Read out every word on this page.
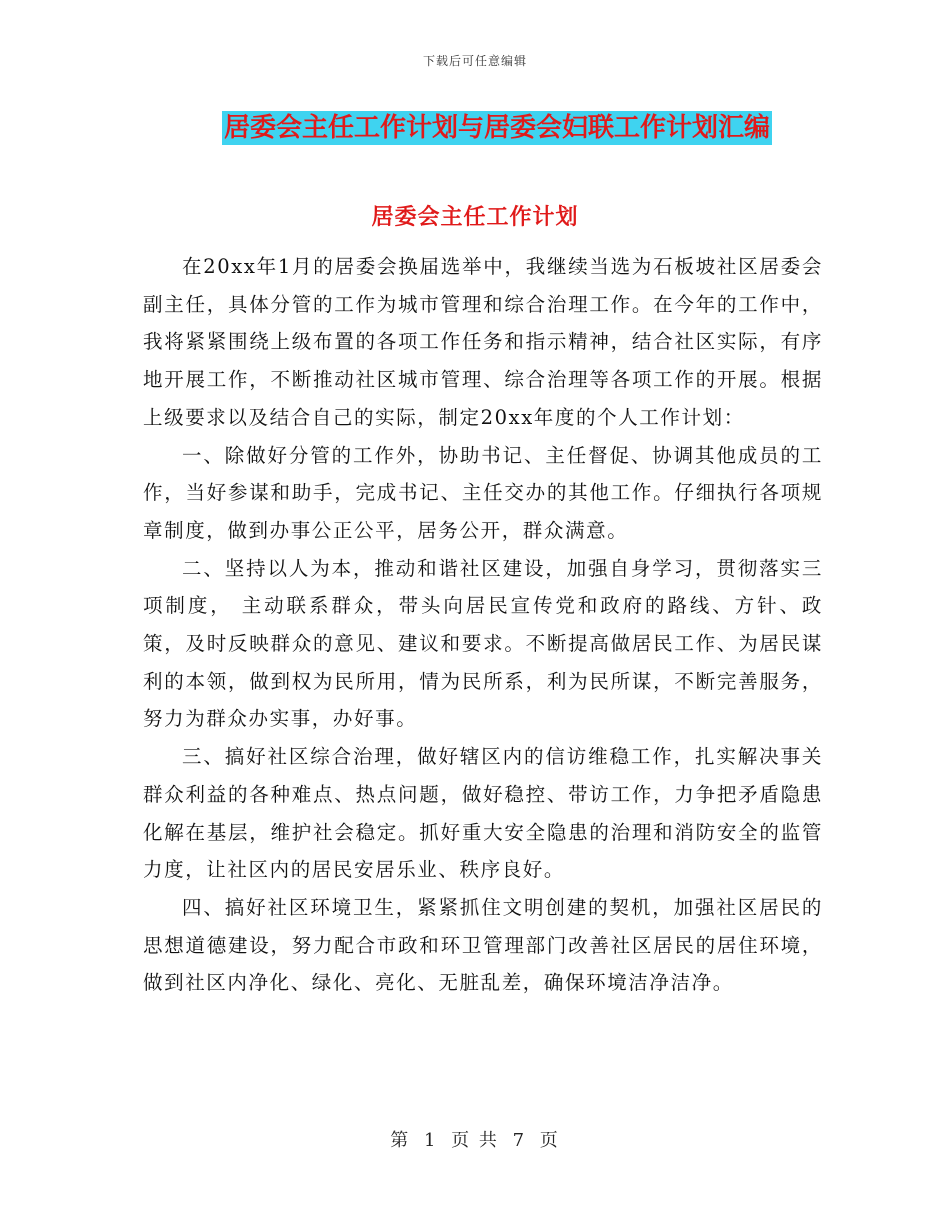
下载后可任意编辑
居委会主任工作计划与居委会妇联工作计划汇编
居委会主任工作计划

在20xx年1月的居委会换届选举中，我继续当选为石板坡社区居委会副主任，具体分管的工作为城市管理和综合治理工作。在今年的工作中，我将紧紧围绕上级布置的各项工作任务和指示精神，结合社区实际，有序地开展工作，不断推动社区城市管理、综合治理等各项工作的开展。根据上级要求以及结合自己的实际，制定20xx年度的个人工作计划：

一、除做好分管的工作外，协助书记、主任督促、协调其他成员的工作，当好参谋和助手，完成书记、主任交办的其他工作。仔细执行各项规章制度，做到办事公正公平，居务公开，群众满意。

二、坚持以人为本，推动和谐社区建设，加强自身学习，贯彻落实三项制度， 主动联系群众，带头向居民宣传党和政府的路线、方针、政策，及时反映群众的意见、建议和要求。不断提高做居民工作、为居民谋利的本领，做到权为民所用，情为民所系，利为民所谋，不断完善服务，努力为群众办实事，办好事。

三、搞好社区综合治理，做好辖区内的信访维稳工作，扎实解决事关群众利益的各种难点、热点问题，做好稳控、带访工作，力争把矛盾隐患化解在基层，维护社会稳定。抓好重大安全隐患的治理和消防安全的监管力度，让社区内的居民安居乐业、秩序良好。

四、搞好社区环境卫生，紧紧抓住文明创建的契机，加强社区居民的思想道德建设，努力配合市政和环卫管理部门改善社区居民的居住环境，做到社区内净化、绿化、亮化、无脏乱差，确保环境洁净洁净。

第 1 页 共 7 页
